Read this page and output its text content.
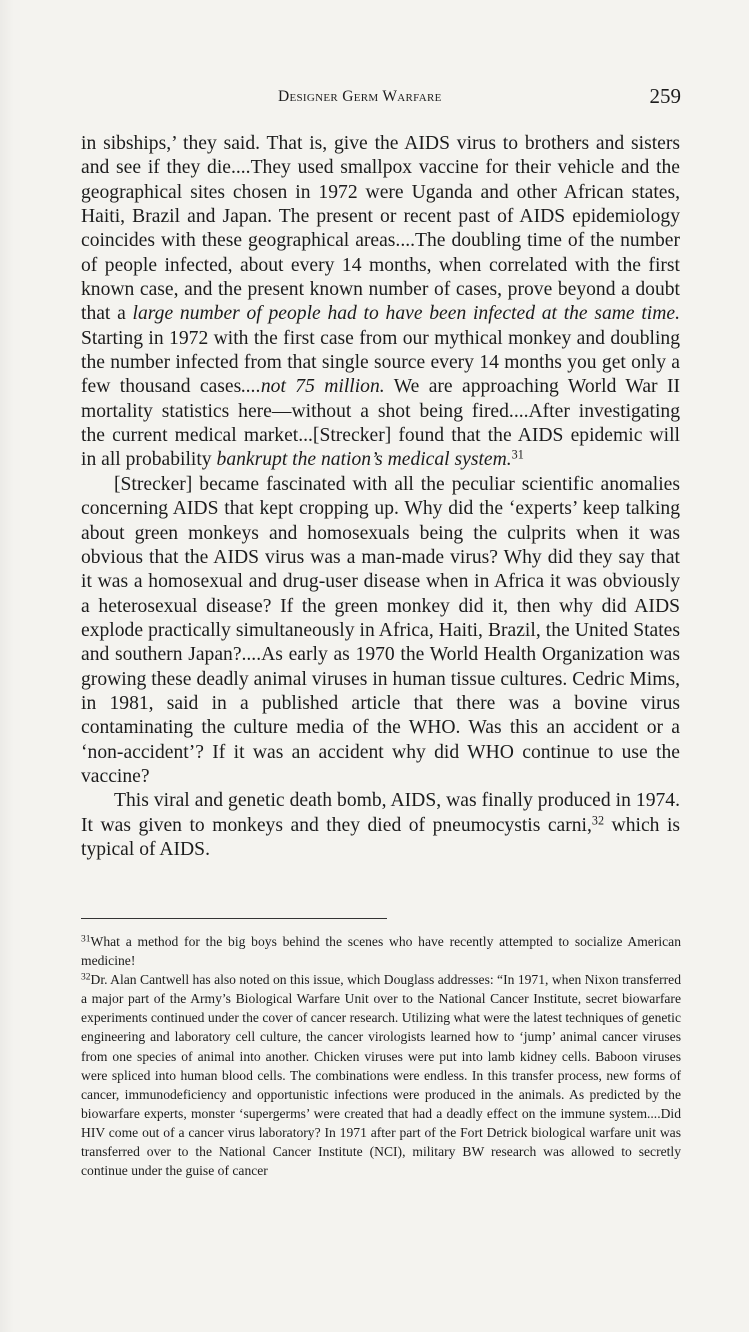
Designer Germ Warfare	259

in sibships,’ they said. That is, give the AIDS virus to brothers and sisters and see if they die....They used smallpox vaccine for their vehicle and the geographical sites chosen in 1972 were Uganda and other African states, Haiti, Brazil and Japan. The present or recent past of AIDS epidemiology coincides with these geographical areas....The doubling time of the number of people infected, about every 14 months, when correlated with the first known case, and the present known number of cases, prove beyond a doubt that a large number of people had to have been infected at the same time. Starting in 1972 with the first case from our mythical monkey and doubling the number infected from that single source every 14 months you get only a few thousand cases....not 75 million. We are approaching World War II mortality statistics here—without a shot being fired....After investigating the current medical market...[Strecker] found that the AIDS epidemic will in all probability bankrupt the nation’s medical system.$^{31}$

[Strecker] became fascinated with all the peculiar scientific anomalies concerning AIDS that kept cropping up. Why did the ‘experts’ keep talking about green monkeys and homosexuals being the culprits when it was obvious that the AIDS virus was a man-made virus? Why did they say that it was a homosexual and drug-user disease when in Africa it was obviously a heterosexual disease? If the green monkey did it, then why did AIDS explode practically simultaneously in Africa, Haiti, Brazil, the United States and southern Japan?....As early as 1970 the World Health Organization was growing these deadly animal viruses in human tissue cultures. Cedric Mims, in 1981, said in a published article that there was a bovine virus contaminating the culture media of the WHO. Was this an accident or a ‘non-accident’? If it was an accident why did WHO continue to use the vaccine?

This viral and genetic death bomb, AIDS, was finally produced in 1974. It was given to monkeys and they died of pneumocystis carni,$^{32}$ which is typical of AIDS.

$^{31}$What a method for the big boys behind the scenes who have recently attempted to socialize American medicine!

$^{32}$Dr. Alan Cantwell has also noted on this issue, which Douglass addresses: “In 1971, when Nixon transferred a major part of the Army’s Biological Warfare Unit over to the National Cancer Institute, secret biowarfare experiments continued under the cover of cancer research. Utilizing what were the latest techniques of genetic engineering and laboratory cell culture, the cancer virologists learned how to ‘jump’ animal cancer viruses from one species of animal into another. Chicken viruses were put into lamb kidney cells. Baboon viruses were spliced into human blood cells. The combinations were endless. In this transfer process, new forms of cancer, immunodeficiency and opportunistic infections were produced in the animals. As predicted by the biowarfare experts, monster ‘supergerms’ were created that had a deadly effect on the immune system....Did HIV come out of a cancer virus laboratory? In 1971 after part of the Fort Detrick biological warfare unit was transferred over to the National Cancer Institute (NCI), military BW research was allowed to secretly continue under the guise of cancer
